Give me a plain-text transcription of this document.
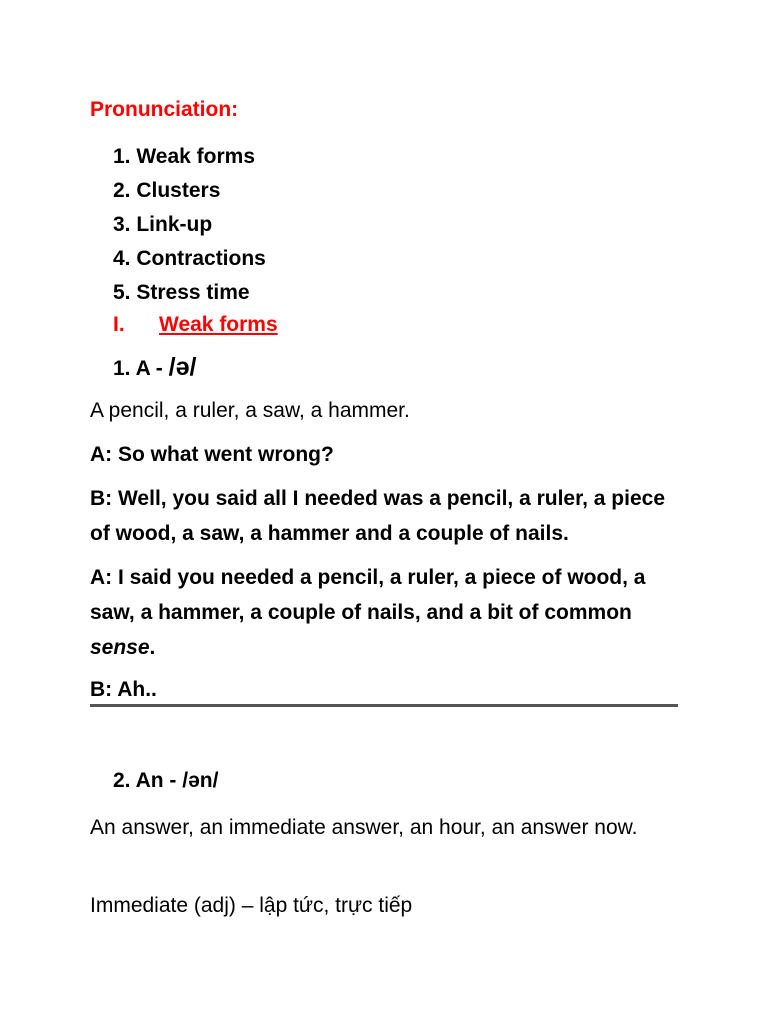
Pronunciation:
1. Weak forms
2. Clusters
3. Link-up
4. Contractions
5. Stress time
I. Weak forms
1. A - /ə/

A pencil, a ruler, a saw, a hammer.

A: So what went wrong?

B: Well, you said all I needed was a pencil, a ruler, a piece of wood, a saw, a hammer and a couple of nails.

A: I said you needed a pencil, a ruler, a piece of wood, a saw, a hammer, a couple of nails, and a bit of common sense.

B: Ah..

2. An - /ən/

An answer, an immediate answer, an hour, an answer now.

Immediate (adj) – lập tức, trực tiếp
